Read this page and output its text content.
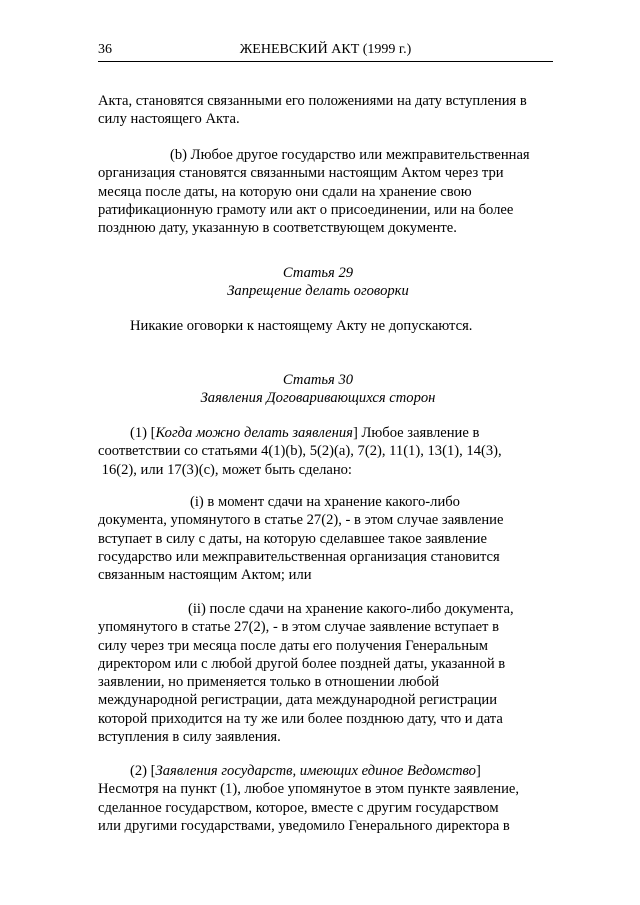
36	ЖЕНЕВСКИЙ АКТ (1999 г.)
Акта, становятся связанными его положениями на дату вступления в
силу настоящего Акта.
(b) Любое другое государство или межправительственная
организация становятся связанными настоящим Актом через три
месяца после даты, на которую они сдали на хранение свою
ратификационную грамоту или акт о присоединении, или на более
позднюю дату, указанную в соответствующем документе.
Статья 29
Запрещение делать оговорки
Никакие оговорки к настоящему Акту не допускаются.
Статья 30
Заявления Договаривающихся сторон
(1) [Когда можно делать заявления] Любое заявление в
соответствии со статьями 4(1)(b), 5(2)(a), 7(2), 11(1), 13(1), 14(3),
16(2), или 17(3)(c), может быть сделано:
(i) в момент сдачи на хранение какого-либо
документа, упомянутого в статье 27(2), - в этом случае заявление
вступает в силу с даты, на которую сделавшее такое заявление
государство или межправительственная организация становится
связанным настоящим Актом; или
(ii) после сдачи на хранение какого-либо документа,
упомянутого в статье 27(2), - в этом случае заявление вступает в
силу через три месяца после даты его получения Генеральным
директором или с любой другой более поздней даты, указанной в
заявлении, но применяется только в отношении любой
международной регистрации, дата международной регистрации
которой приходится на ту же или более позднюю дату, что и дата
вступления в силу заявления.
(2) [Заявления государств, имеющих единое Ведомство]
Несмотря на пункт (1), любое упомянутое в этом пункте заявление,
сделанное государством, которое, вместе с другим государством
или другими государствами, уведомило Генерального директора в
